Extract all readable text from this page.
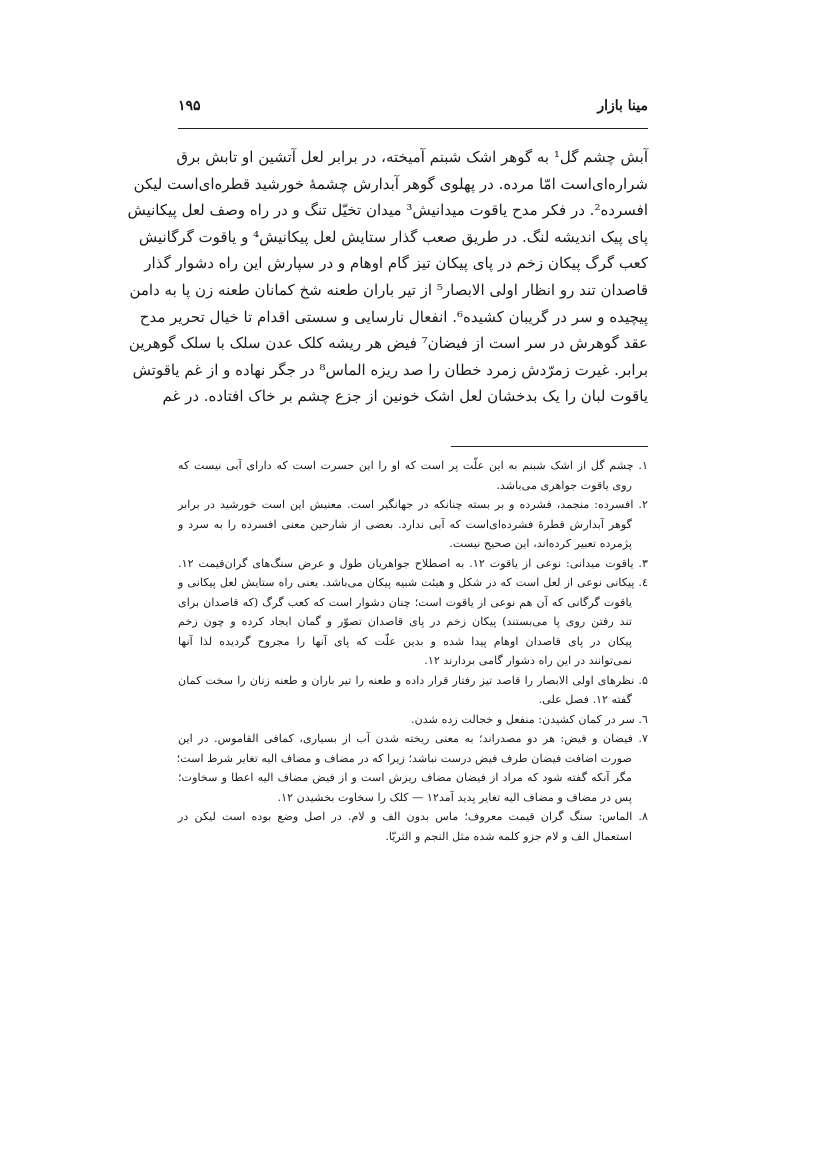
مینا بازار
۱۹۵
آبش چشم گل¹ به گوهر اشک شبنم آمیخته، در برابر لعل آتشین او تابش برق
شراره‌ای‌است امّا مرده. در پهلوی گوهر آبدارش چشمۀ خورشید قطره‌ای‌است لیکن
افسرده². در فکر مدح یاقوت میدانیش³ میدان تخیّل تنگ و در راه وصف لعل پیکانیش
پای پیک اندیشه لنگ. در طریق صعب گذار ستایش لعل پیکانیش⁴ و یاقوت گرگانیش
کعب گرگ پیکان زخم در پای پیکان تیز گام اوهام و در سپارش این راه دشوار گذار
قاصدان تند رو انظار اولی الابصار⁵ از تیر باران طعنه شخ کمانان طعنه زن پا به دامن
پیچیده و سر در گریبان کشیده⁶. انفعال نارسایی و سستی اقدام تا خیال تحریر مدح
عقد گوهرش در سر است از فیضان⁷ فیض هر ریشه کلک عدن سلک با سلک گوهرین
برابر. غیرت زمرّدش زمرد خطان را صد ریزه الماس⁸ در جگر نهاده و از غم یاقوتش
یاقوت لبان را یک بدخشان لعل اشک خونین از جزع چشم بر خاک افتاده. در غم
۱. چشم گل از اشک شبنم به این علّت پر است که او را این حسرت است که دارای آبی نیست که
روی یاقوت جواهری می‌باشد.
۲. افسرده: منجمد، فشرده و بر بسته چنانکه در جهانگیر است. معنیش این است خورشید در برابر
گوهر آبدارش قطرۀ فشرده‌ای‌است که آبی ندارد. بعضی از شارحین معنی افسرده را به سرد و
پژمرده تعبیر کرده‌اند، این صحیح نیست.
۳. یاقوت میدانی: نوعی از یاقوت ۱۲. به اصطلاح جواهریان طول و عرض سنگ‌های گران‌قیمت ۱۲.
٤. پیکانی نوعی از لعل است که در شکل و هیئت شبیه پیکان می‌باشد. یعنی راه ستایش لعل پیکانی و
یاقوت گرگانی که آن هم نوعی از یاقوت است؛ چنان دشوار است که کعب گرگ (که قاصدان برای
تند رفتن روی پا می‌بستند) پیکان زخم در پای قاصدان تصوّر و گمان ایجاد کرده و چون زخم
پیکان در پای قاصدان اوهام پیدا شده و بدین علّت که پای آنها را مجروح گردیده لذا آنها
نمی‌توانند در این راه دشوار گامی بردارند ۱۲.
۵. نظرهای اولی الابصار را قاصد تیز رفتار قرار داده و طعنه را تیر باران و طعنه زنان را سخت کمان
گفته ۱۲. فصل علی.
٦. سر در کمان کشیدن: منفعل و خجالت زده شدن.
۷. فیضان و فیض: هر دو مصدراند؛ به معنی ریخته شدن آب از بسیاری، کمافی القاموس. در این
صورت اضافت فیضان طرف فیض درست نباشد؛ زیرا که در مضاف و مضاف الیه تغایر شرط است؛
مگر آنکه گفته شود که مراد از فیضان مضاف ریزش است و از فیض مضاف الیه اعطا و سخاوت؛
پس در مضاف و مضاف الیه تغایر پدید آمد۱۲ — کلک را سخاوت بخشیدن ۱۲.
۸. الماس: سنگ گران قیمت معروف؛ ماس بدون الف و لام. در اصل وضع بوده است لیکن در
استعمال الف و لام جزو کلمه شده مثل النجم و الثریّا.
